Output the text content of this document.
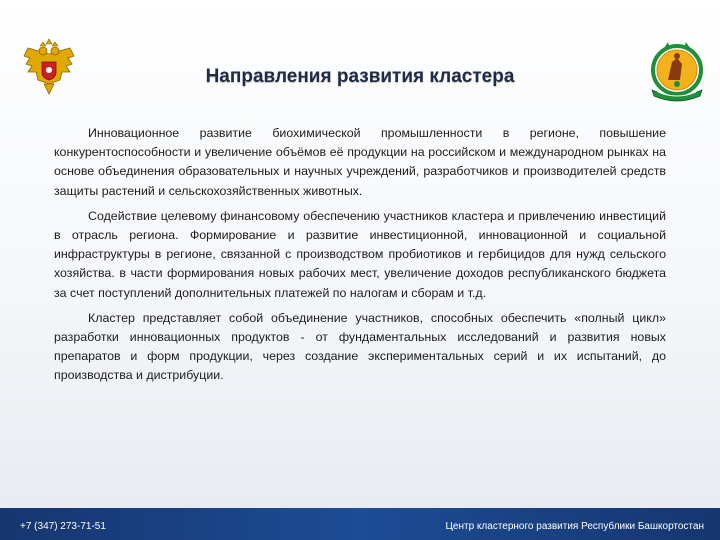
Направления развития кластера

Инновационное развитие биохимической промышленности в регионе, повышение конкурентоспособности и увеличение объёмов её продукции на российском и международном рынках на основе объединения образовательных и научных учреждений, разработчиков и производителей средств защиты растений и сельскохозяйственных животных.

Содействие целевому финансовому обеспечению участников кластера и привлечению инвестиций в отрасль региона. Формирование и развитие инвестиционной, инновационной и социальной инфраструктуры в регионе, связанной с производством пробиотиков и гербицидов для нужд сельского хозяйства. в части формирования новых рабочих мест, увеличение доходов республиканского бюджета за счет поступлений дополнительных платежей по налогам и сборам и т.д.

Кластер представляет собой объединение участников, способных обеспечить «полный цикл» разработки инновационных продуктов - от фундаментальных исследований и развития новых препаратов и форм продукции, через создание экспериментальных серий и их испытаний, до производства и дистрибуции.

+7 (347) 273-71-51	Центр кластерного развития Республики Башкортостан
